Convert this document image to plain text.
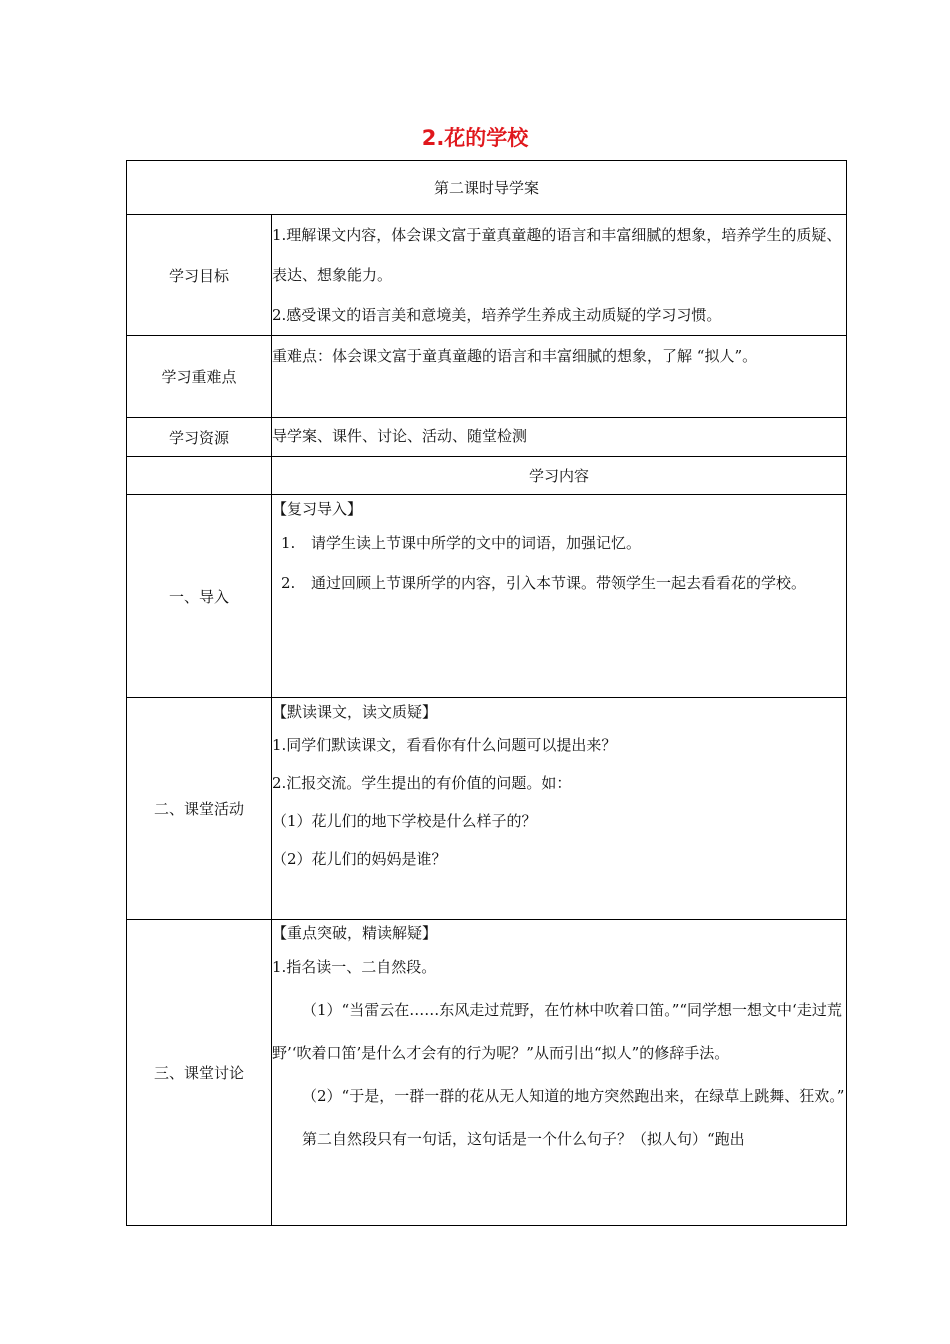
2.花的学校
第二课时导学案	
学习目标	1.理解课文内容，体会课文富于童真童趣的语言和丰富细腻的想象，培养学生的质疑、表达、想象能力。

2.感受课文的语言美和意境美，培养学生养成主动质疑的学习习惯。

学习重难点	重难点：体会课文富于童真童趣的语言和丰富细腻的想象，了解 “拟人”。

学习资源	导学案、课件、讨论、活动、随堂检测

	学习内容
一、导入	【复习导入】

1. 请学生读上节课中所学的文中的词语，加强记忆。

2. 通过回顾上节课所学的内容，引入本节课。带领学生一起去看看花的学校。

二、课堂活动	【默读课文，读文质疑】

1.同学们默读课文，看看你有什么问题可以提出来？

2.汇报交流。学生提出的有价值的问题。如：

（1）花儿们的地下学校是什么样子的？

（2）花儿们的妈妈是谁？

三、课堂讨论	【重点突破，精读解疑】

1.指名读一、二自然段。

（1）“当雷云在……东风走过荒野，在竹林中吹着口笛。”“同学想一想文中‘走过荒野’‘吹着口笛’是什么才会有的行为呢？”从而引出“拟人”的修辞手法。

（2）“于是，一群一群的花从无人知道的地方突然跑出来，在绿草上跳舞、狂欢。”

第二自然段只有一句话，这句话是一个什么句子？（拟人句）“跑出
